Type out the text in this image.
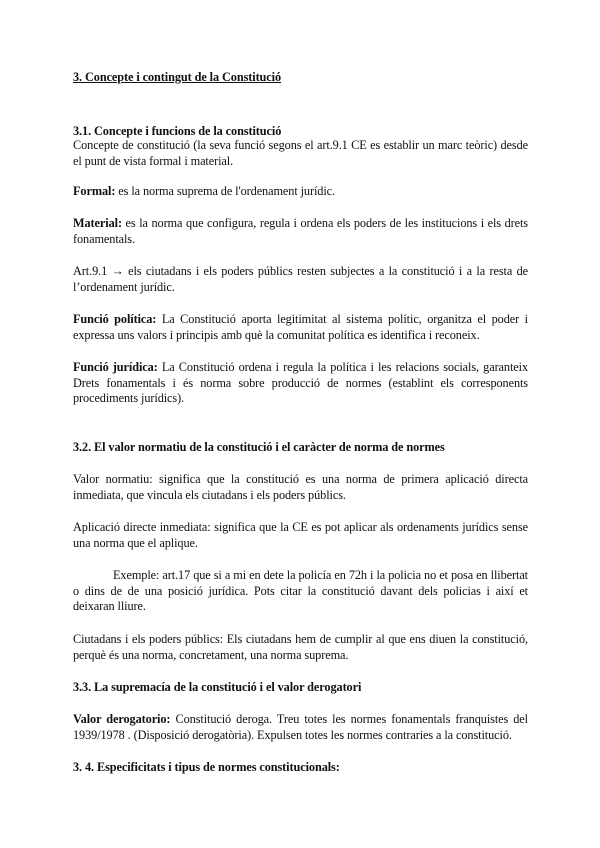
3. Concepte i contingut de la Constitució
3.1. Concepte i funcions de la constitució
Concepte de constitució (la seva funció segons el art.9.1 CE es establir un marc teòric) desde el punt de vista formal i material.
Formal: es la norma suprema de l'ordenament jurídic.
Material: es la norma que configura, regula i ordena els poders de les institucions i els drets fonamentals.
Art.9.1 → els ciutadans i els poders públics resten subjectes a la constitució i a la resta de l’ordenament jurídic.
Funció política: La Constitució aporta legitimitat al sistema polític, organitza el poder i expressa uns valors i principis amb què la comunitat política es identifica i reconeix.
Funció jurídica: La Constitució ordena i regula la política i les relacions socials, garanteix Drets fonamentals i és norma sobre producció de normes (establint els corresponents procediments jurídics).
3.2. El valor normatiu de la constitució i el caràcter de norma de normes
Valor normatiu: significa que la constitució es una norma de primera aplicació directa inmediata, que vincula els ciutadans i els poders públics.
Aplicació directe inmediata: significa que la CE es pot aplicar als ordenaments jurídics sense una norma que el aplique.
Exemple: art.17 que si a mi en dete la policía en 72h i la policia no et posa en llibertat o dins de de una posició jurídica. Pots citar la constitució davant dels policias i així et deixaran lliure.
Ciutadans i els poders públics: Els ciutadans hem de cumplir al que ens diuen la constitució, perquè és una norma, concretament, una norma suprema.
3.3. La supremacía de la constitució i el valor derogatori
Valor derogatorio: Constitució deroga. Treu totes les normes fonamentals franquistes del 1939/1978 . (Disposició derogatòria). Expulsen totes les normes contraries a la constitució.
3. 4. Especificitats i tipus de normes constitucionals:
